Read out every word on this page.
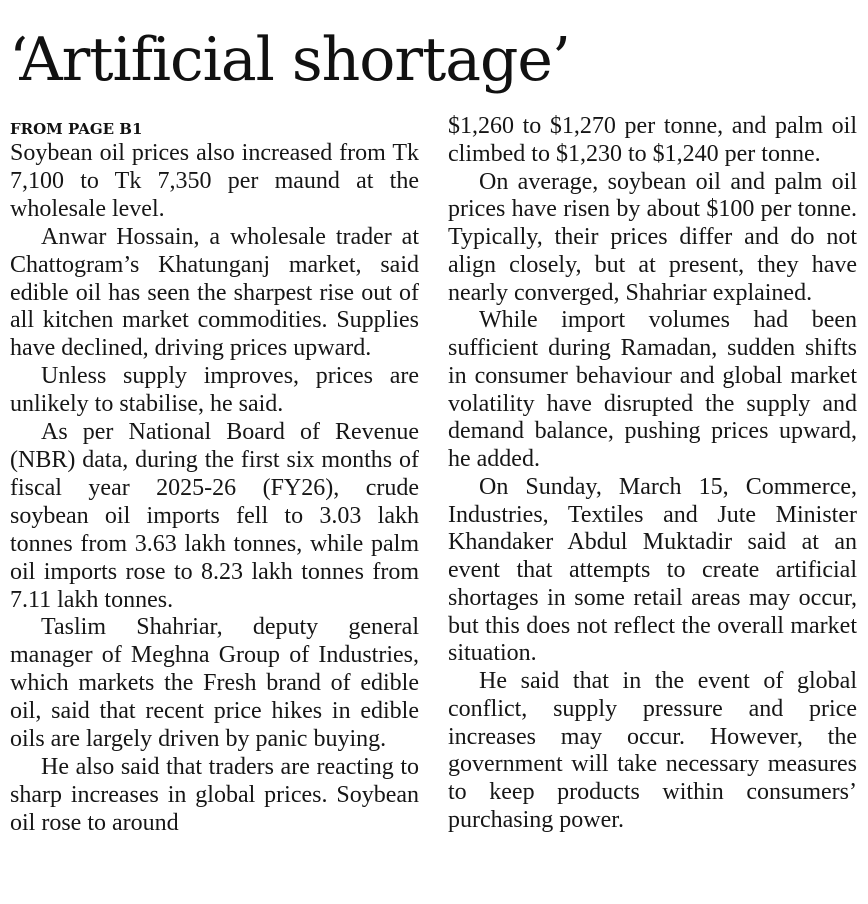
‘Artificial shortage’
FROM PAGE B1

Soybean oil prices also increased from Tk 7,100 to Tk 7,350 per maund at the wholesale level.

Anwar Hossain, a wholesale trader at Chattogram’s Khatunganj market, said edible oil has seen the sharpest rise out of all kitchen market commodities. Supplies have declined, driving prices upward.

Unless supply improves, prices are unlikely to stabilise, he said.

As per National Board of Revenue (NBR) data, during the first six months of fiscal year 2025-26 (FY26), crude soybean oil imports fell to 3.03 lakh tonnes from 3.63 lakh tonnes, while palm oil imports rose to 8.23 lakh tonnes from 7.11 lakh tonnes.

Taslim Shahriar, deputy general manager of Meghna Group of Industries, which markets the Fresh brand of edible oil, said that recent price hikes in edible oils are largely driven by panic buying.

He also said that traders are reacting to sharp increases in global prices. Soybean oil rose to around

$1,260 to $1,270 per tonne, and palm oil climbed to $1,230 to $1,240 per tonne.

On average, soybean oil and palm oil prices have risen by about $100 per tonne. Typically, their prices differ and do not align closely, but at present, they have nearly converged, Shahriar explained.

While import volumes had been sufficient during Ramadan, sudden shifts in consumer behaviour and global market volatility have disrupted the supply and demand balance, pushing prices upward, he added.

On Sunday, March 15, Commerce, Industries, Textiles and Jute Minister Khandaker Abdul Muktadir said at an event that attempts to create artificial shortages in some retail areas may occur, but this does not reflect the overall market situation.

He said that in the event of global conflict, supply pressure and price increases may occur. However, the government will take necessary measures to keep products within consumers’ purchasing power.
